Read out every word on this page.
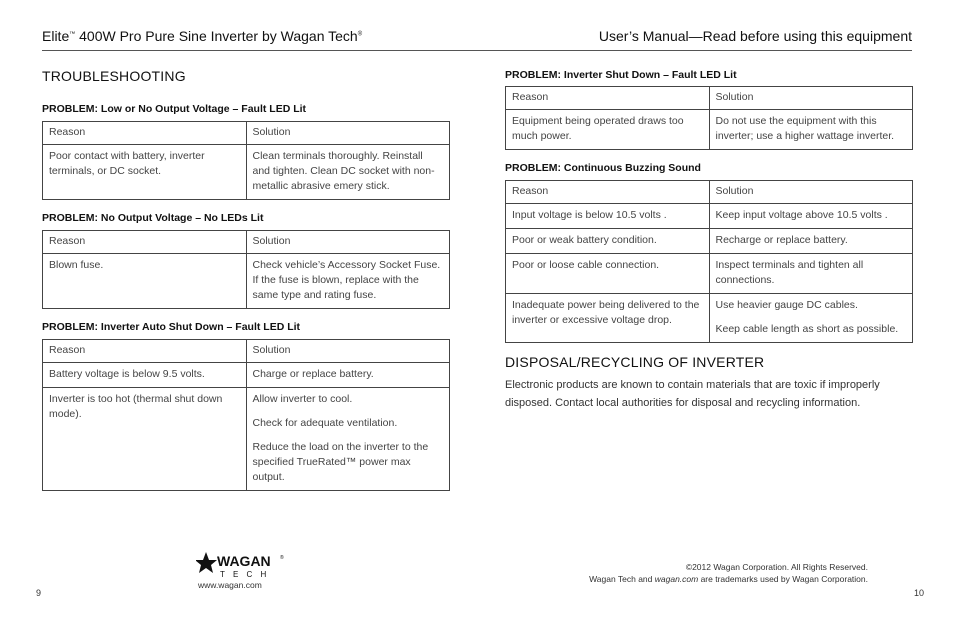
Elite™ 400W Pro Pure Sine Inverter by Wagan Tech®	User’s Manual—Read before using this equipment
TROUBLESHOOTING
PROBLEM: Low or No Output Voltage – Fault LED Lit
Reason	Solution
Poor contact with battery, inverter terminals, or DC socket.	Clean terminals thoroughly. Reinstall and tighten. Clean DC socket with non-metallic abrasive emery stick.
PROBLEM: No Output Voltage – No LEDs Lit
Reason	Solution
Blown fuse.	Check vehicle’s Accessory Socket Fuse. If the fuse is blown, replace with the same type and rating fuse.
PROBLEM: Inverter Auto Shut Down – Fault LED Lit
Reason	Solution
Battery voltage is below 9.5 volts.	Charge or replace battery.
Inverter is too hot (thermal shut down mode).	Allow inverter to cool.

Check for adequate ventilation.

Reduce the load on the inverter to the specified TrueRated™ power max output.

PROBLEM: Inverter Shut Down – Fault LED Lit
Reason	Solution
Equipment being operated draws too much power.	Do not use the equipment with this inverter; use a higher wattage inverter.
PROBLEM: Continuous Buzzing Sound
Reason	Solution
Input voltage is below 10.5 volts .	Keep input voltage above 10.5 volts .
Poor or weak battery condition.	Recharge or replace battery.
Poor or loose cable connection.	Inspect terminals and tighten all connections.
Inadequate power being delivered to the inverter or excessive voltage drop.	Use heavier gauge DC cables.

Keep cable length as short as possible.

DISPOSAL/RECYCLING OF INVERTER
Electronic products are known to contain materials that are toxic if improperly disposed. Contact local authorities for disposal and recycling information.
WAGAN ®
T E C H
www.wagan.com
9	10
©2012 Wagan Corporation. All Rights Reserved.
Wagan Tech and wagan.com are trademarks used by Wagan Corporation.
